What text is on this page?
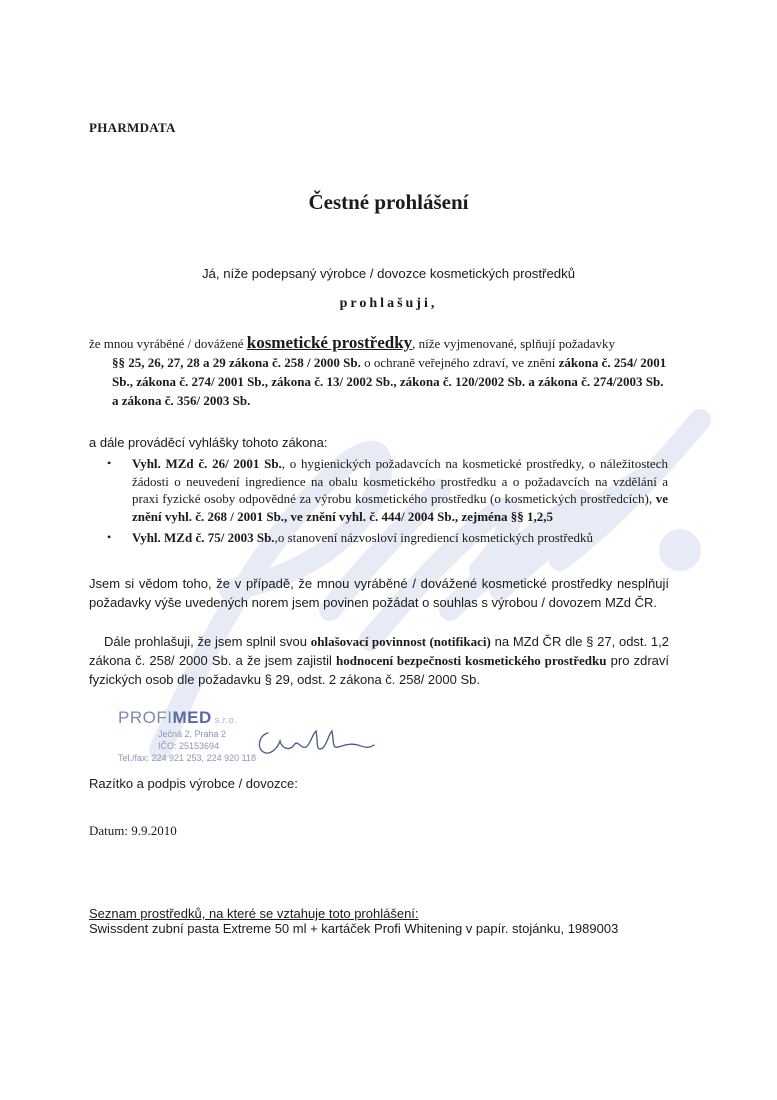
PHARMDATA
Čestné prohlášení
Já, níže podepsaný výrobce / dovozce kosmetických prostředků
prohlašuji,
že mnou vyráběné / dovážené kosmetické prostředky, níže vyjmenované, splňují požadavky
§§ 25, 26, 27, 28 a 29 zákona č. 258 / 2000 Sb. o ochraně veřejného zdraví, ve znění zákona č. 254/ 2001 Sb., zákona č. 274/ 2001 Sb., zákona č. 13/ 2002 Sb., zákona č. 120/2002 Sb. a zákona č. 274/2003 Sb. a zákona č. 356/ 2003 Sb.
a dále prováděcí vyhlášky tohoto zákona:
• Vyhl. MZd č. 26/ 2001 Sb., o hygienických požadavcích na kosmetické prostředky, o náležitostech žádosti o neuvedení ingredience na obalu kosmetického prostředku a o požadavcích na vzdělání a praxi fyzické osoby odpovědné za výrobu kosmetického prostředku (o kosmetických prostředcích), ve znění vyhl. č. 268 / 2001 Sb., ve znění vyhl. č. 444/ 2004 Sb., zejména §§ 1,2,5
• Vyhl. MZd č. 75/ 2003 Sb.,o stanovení názvosloví ingrediencí kosmetických prostředků
Jsem si vědom toho, že v případě, že mnou vyráběné / dovážené kosmetické prostředky nesplňují požadavky výše uvedených norem jsem povinen požádat o souhlas s výrobou / dovozem MZd ČR.
Dále prohlašuji, že jsem splnil svou ohlašovací povinnost (notifikaci) na MZd ČR dle § 27, odst. 1,2 zákona č. 258/ 2000 Sb. a že jsem zajistil hodnocení bezpečnosti kosmetického prostředku pro zdraví fyzických osob dle požadavku § 29, odst. 2 zákona č. 258/ 2000 Sb.
PROFIMED s.r.o.
Ječná 2, Praha 2
IČO: 25153694
Tel./fax: 224 921 253, 224 920 118
Razítko a podpis výrobce / dovozce:
Datum: 9.9.2010
Seznam prostředků, na které se vztahuje toto prohlášení:
Swissdent zubní pasta Extreme 50 ml + kartáček Profi Whitening v papír. stojánku, 1989003
